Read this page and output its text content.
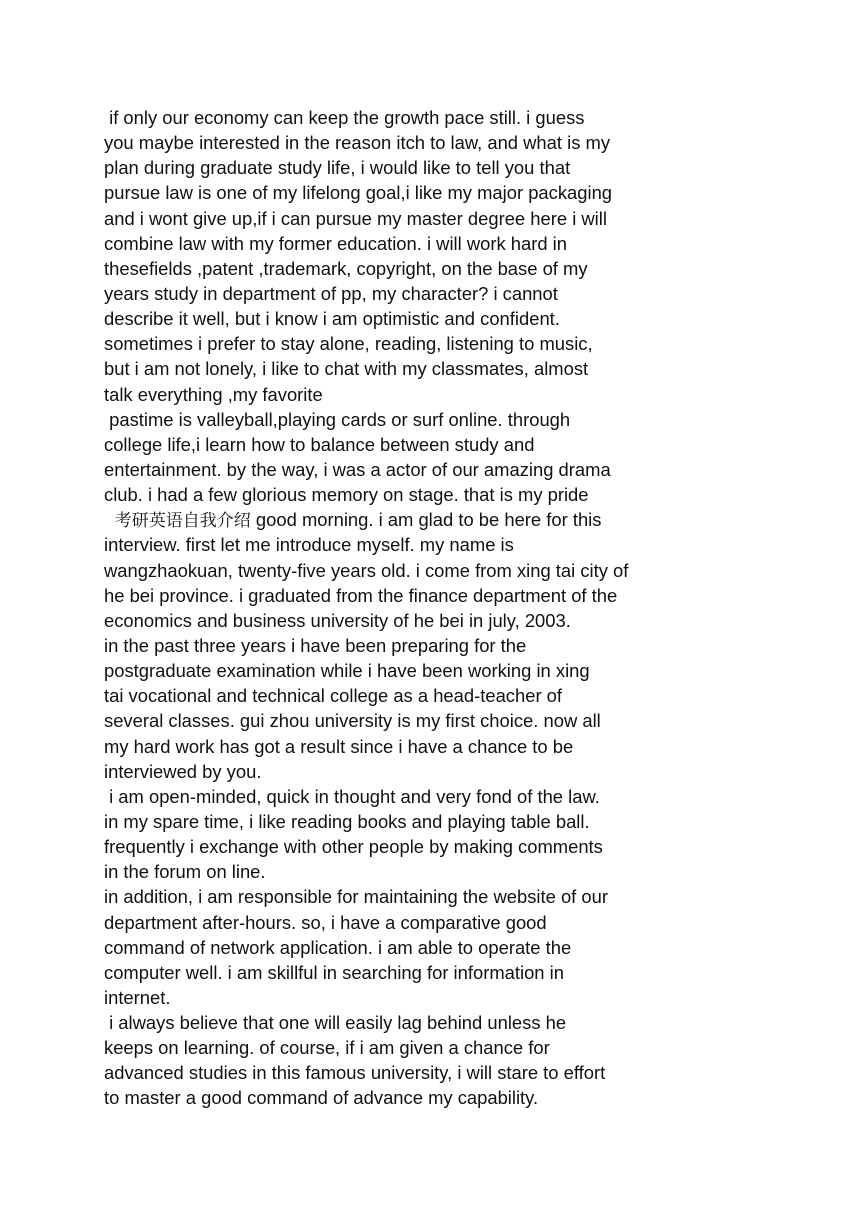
if only our economy can keep the growth pace still. i guess
you maybe interested in the reason itch to law, and what is my
plan during graduate study life, i would like to tell you that
pursue law is one of my lifelong goal,i like my major packaging
and i wont give up,if i can pursue my master degree here i will
combine law with my former education. i will work hard in
thesefields ,patent ,trademark, copyright, on the base of my
years study in department of pp, my character? i cannot
describe it well, but i know i am optimistic and confident.
sometimes i prefer to stay alone, reading, listening to music,
but i am not lonely, i like to chat with my classmates, almost
talk everything ,my favorite
pastime is valleyball,playing cards or surf online. through
college life,i learn how to balance between study and
entertainment. by the way, i was a actor of our amazing drama
club. i had a few glorious memory on stage. that is my pride
考研英语自我介绍 good morning. i am glad to be here for this
interview. first let me introduce myself. my name is
wangzhaokuan, twenty-five years old. i come from xing tai city of
he bei province. i graduated from the finance department of the
economics and business university of he bei in july, 2003.
in the past three years i have been preparing for the
postgraduate examination while i have been working in xing
tai vocational and technical college as a head-teacher of
several classes. gui zhou university is my first choice. now all
my hard work has got a result since i have a chance to be
interviewed by you.
i am open-minded, quick in thought and very fond of the law.
in my spare time, i like reading books and playing table ball.
frequently i exchange with other people by making comments
in the forum on line.
in addition, i am responsible for maintaining the website of our
department after-hours. so, i have a comparative good
command of network application. i am able to operate the
computer well. i am skillful in searching for information in
internet.
i always believe that one will easily lag behind unless he
keeps on learning. of course, if i am given a chance for
advanced studies in this famous university, i will stare to effort
to master a good command of advance my capability.
